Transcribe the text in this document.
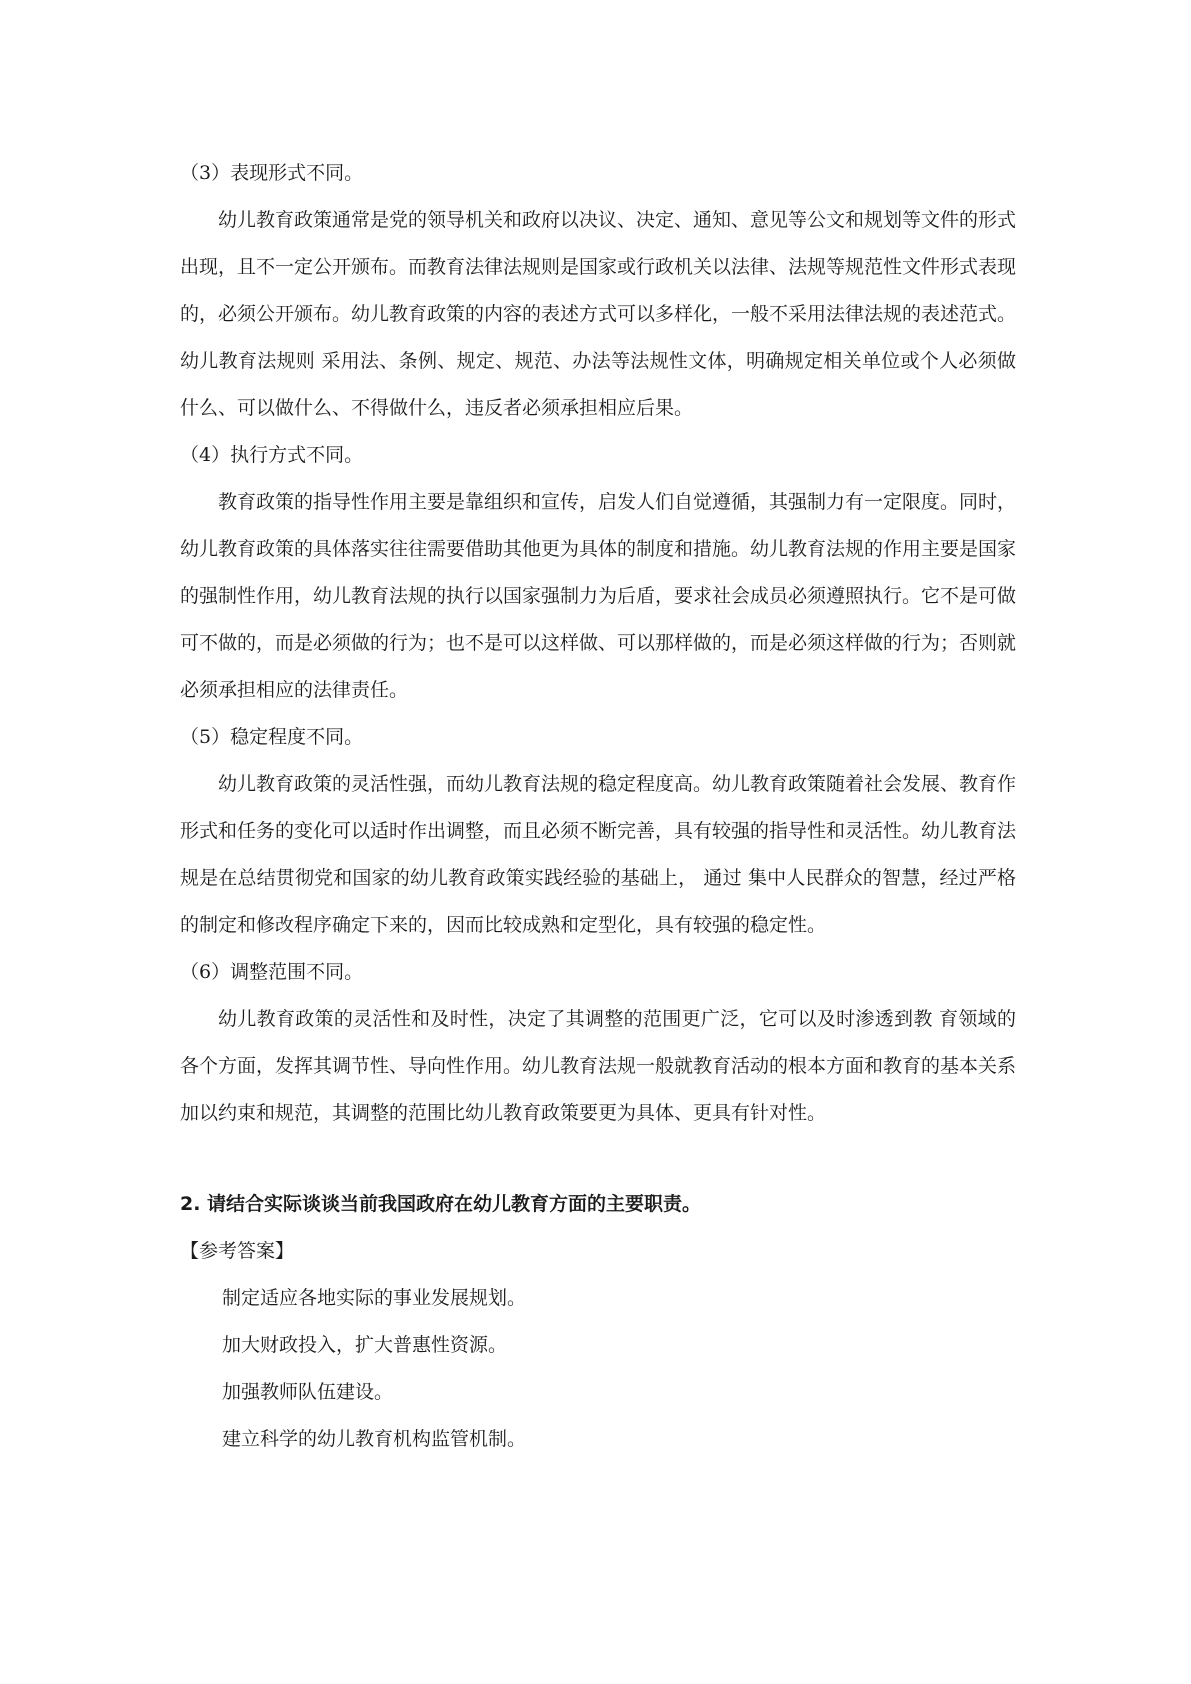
（3）表现形式不同。

幼儿教育政策通常是党的领导机关和政府以决议、决定、通知、意见等公文和规划等文件的形式出现，且不一定公开颁布。而教育法律法规则是国家或行政机关以法律、法规等规范性文件形式表现的，必须公开颁布。幼儿教育政策的内容的表述方式可以多样化，一般不采用法律法规的表述范式。幼儿教育法规则 采用法、条例、规定、规范、办法等法规性文体，明确规定相关单位或个人必须做什么、可以做什么、不得做什么，违反者必须承担相应后果。

（4）执行方式不同。

教育政策的指导性作用主要是靠组织和宣传，启发人们自觉遵循，其强制力有一定限度。同时，幼儿教育政策的具体落实往往需要借助其他更为具体的制度和措施。幼儿教育法规的作用主要是国家的强制性作用，幼儿教育法规的执行以国家强制力为后盾，要求社会成员必须遵照执行。它不是可做可不做的，而是必须做的行为；也不是可以这样做、可以那样做的，而是必须这样做的行为；否则就必须承担相应的法律责任。

（5）稳定程度不同。

幼儿教育政策的灵活性强，而幼儿教育法规的稳定程度高。幼儿教育政策随着社会发展、教育作形式和任务的变化可以适时作出调整，而且必须不断完善，具有较强的指导性和灵活性。幼儿教育法规是在总结贯彻党和国家的幼儿教育政策实践经验的基础上， 通过 集中人民群众的智慧，经过严格的制定和修改程序确定下来的，因而比较成熟和定型化，具有较强的稳定性。

（6）调整范围不同。

幼儿教育政策的灵活性和及时性，决定了其调整的范围更广泛，它可以及时渗透到教 育领域的各个方面，发挥其调节性、导向性作用。幼儿教育法规一般就教育活动的根本方面和教育的基本关系加以约束和规范，其调整的范围比幼儿教育政策要更为具体、更具有针对性。

2. 请结合实际谈谈当前我国政府在幼儿教育方面的主要职责。

【参考答案】

制定适应各地实际的事业发展规划。

加大财政投入，扩大普惠性资源。

加强教师队伍建设。

建立科学的幼儿教育机构监管机制。
